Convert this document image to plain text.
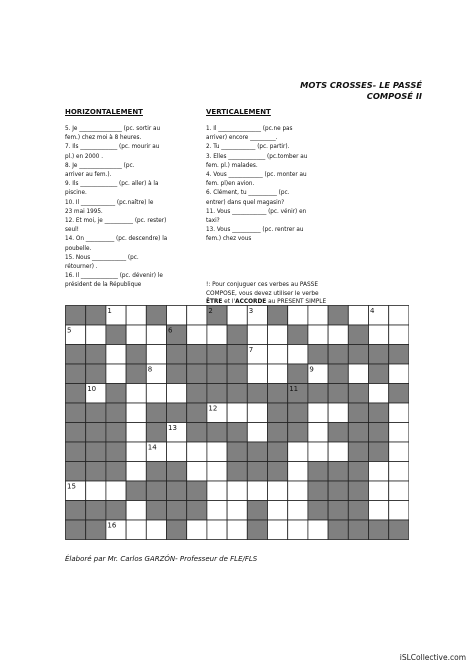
MOTS CROSSES- LE PASSÉ
COMPOSÉ II
HORIZONTALEMENT	VERTICALEMENT
5. Je _______________ (pc. sortir au
fem.) chez moi à 8 heures.
7. Ils _____________ (pc. mourir au
pl.) en 2000 .
8. Je _______________ (pc.
arriver au fem.).
9. Ils _____________ (pc. aller) à la
piscine.
10. Il ____________ (pc.naître) le
23 mai 1995.
12. Et moi, je __________ (pc. rester)
seul!
14. On __________ (pc. descendre) la
poubelle.
15. Nous ____________ (pc.
rétourner) .
16. Il _____________ (pc. dévenir) le
président de la République
1. Il _______________ (pc.ne pas
arriver) encore _________.
2. Tu ____________ (pc. partir).
3. Elles _____________ (pc.tomber au
fem. pl.) malades.
4. Vous ____________ (pc. monter au
fem. pl)en avion.
6. Clément, tu __________ (pc.
entrer) dans quel magasin?
11. Vous ____________ (pc. vénir) en
taxi?
13. Vous __________ (pc. rentrer au
fem.) chez vous
!: Pour conjuguer ces verbes au PASSE
COMPOSE, vous devez utiliser le verbe
ÊTRE et l'ACCORDE au PRESENT SIMPLE
1	2	3	4
5	6
7
8	9
10	11
12
13
14
15
16
Élaboré par Mr. Carlos GARZÓN- Professeur de FLE/FLS
iSLCollective.com
